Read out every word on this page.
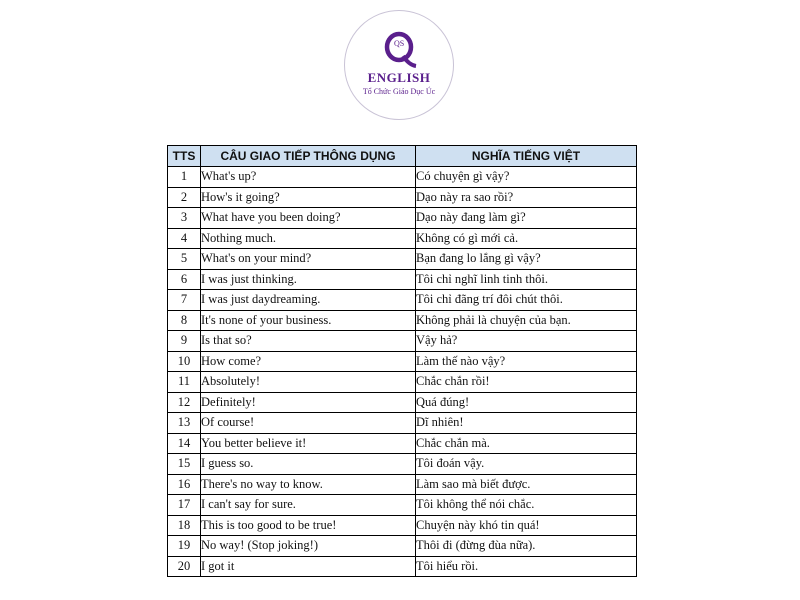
QS
ENGLISH
Tổ Chức Giáo Dục Úc
TTS	CÂU GIAO TIẾP THÔNG DỤNG	NGHĨA TIẾNG VIỆT
1	What's up?	Có chuyện gì vậy?
2	How's it going?	Dạo này ra sao rồi?
3	What have you been doing?	Dạo này đang làm gì?
4	Nothing much.	Không có gì mới cả.
5	What's on your mind?	Bạn đang lo lắng gì vậy?
6	I was just thinking.	Tôi chỉ nghĩ linh tinh thôi.
7	I was just daydreaming.	Tôi chỉ đãng trí đôi chút thôi.
8	It's none of your business.	Không phải là chuyện của bạn.
9	Is that so?	Vậy hả?
10	How come?	Làm thế nào vậy?
11	Absolutely!	Chắc chắn rồi!
12	Definitely!	Quá đúng!
13	Of course!	Dĩ nhiên!
14	You better believe it!	Chắc chắn mà.
15	I guess so.	Tôi đoán vậy.
16	There's no way to know.	Làm sao mà biết được.
17	I can't say for sure.	Tôi không thể nói chắc.
18	This is too good to be true!	Chuyện này khó tin quá!
19	No way! (Stop joking!)	Thôi đi (đừng đùa nữa).
20	I got it	Tôi hiểu rồi.
